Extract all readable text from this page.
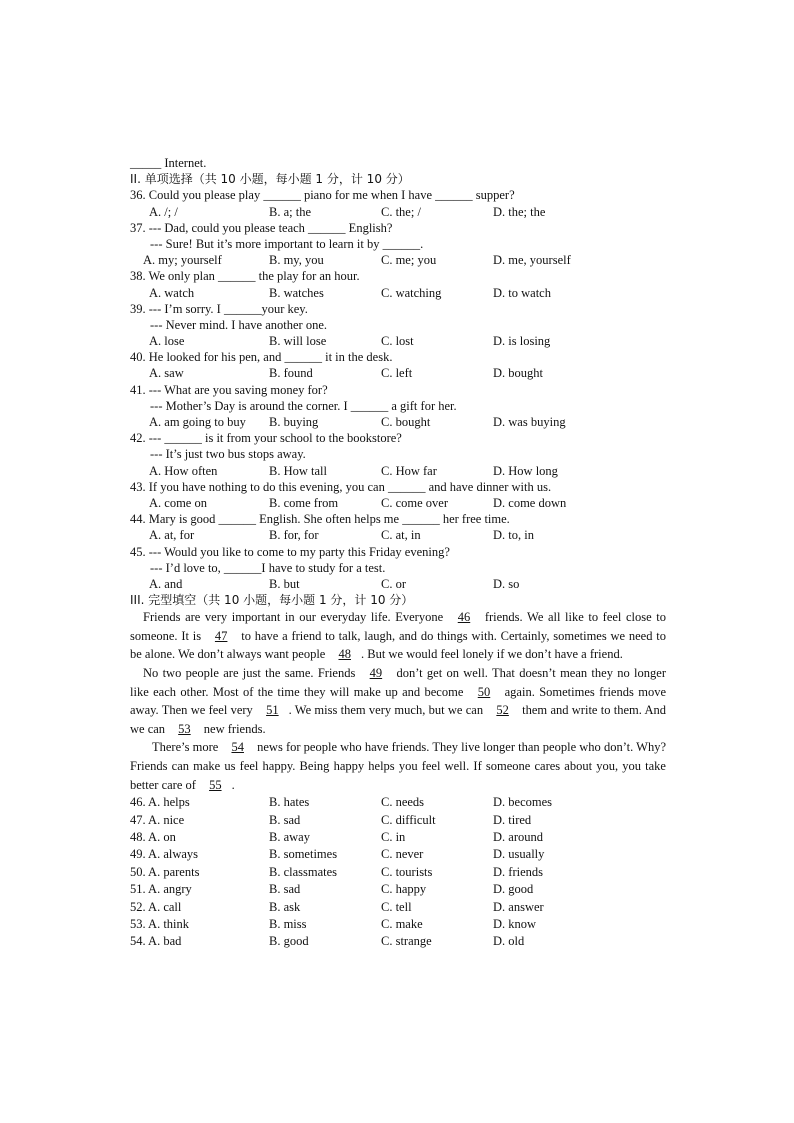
_____ Internet.
II. 单项选择（共 10 小题，每小题 1 分，计 10 分）
36. Could you please play ______ piano for me when I have ______ supper?
A. /; /	B. a; the	C. the; /	D. the; the
37. --- Dad, could you please teach ______ English?
--- Sure! But it’s more important to learn it by ______.
A. my; yourself	B. my, you	C. me; you	D. me, yourself
38. We only plan ______ the play for an hour.
A. watch	B. watches	C. watching	D. to watch
39. --- I’m sorry. I ______your key.
--- Never mind. I have another one.
A. lose	B. will lose	C. lost	D. is losing
40. He looked for his pen, and ______ it in the desk.
A. saw	B. found	C. left	D. bought
41. --- What are you saving money for?
--- Mother’s Day is around the corner. I ______ a gift for her.
A. am going to buy B. buying	C. bought	D. was buying
42. --- ______ is it from your school to the bookstore?
--- It’s just two bus stops away.
A. How often	B. How tall	C. How far	D. How long
43. If you have nothing to do this evening, you can ______ and have dinner with us.
A. come on	B. come from	C. come over	D. come down
44. Mary is good ______ English. She often helps me ______ her free time.
A. at, for	B. for, for	C. at, in	D. to, in
45. --- Would you like to come to my party this Friday evening?
--- I’d love to, ______I have to study for a test.
A. and	B. but	C. or	D. so
III. 完型填空（共 10 小题，每小题 1 分，计 10 分）

Friends are very important in our everyday life. Everyone 46 friends. We all like to feel close to someone. It is 47 to have a friend to talk, laugh, and do things with. Certainly, sometimes we need to be alone. We don’t always want people 48 . But we would feel lonely if we don’t have a friend.

No two people are just the same. Friends 49 don’t get on well. That doesn’t mean they no longer like each other. Most of the time they will make up and become 50 again. Sometimes friends move away. Then we feel very 51 . We miss them very much, but we can 52 them and write to them. And we can 53 new friends.

There’s more 54 news for people who have friends. They live longer than people who don’t. Why? Friends can make us feel happy. Being happy helps you feel well. If someone cares about you, you take better care of 55 .

46. A. helps	B. hates	C. needs	D. becomes
47. A. nice	B. sad	C. difficult	D. tired
48. A. on	B. away	C. in	D. around
49. A. always	B. sometimes	C. never	D. usually
50. A. parents	B. classmates	C. tourists	D. friends
51. A. angry	B. sad	C. happy	D. good
52. A. call	B. ask	C. tell	D. answer
53. A. think	B. miss	C. make	D. know
54. A. bad	B. good	C. strange	D. old
